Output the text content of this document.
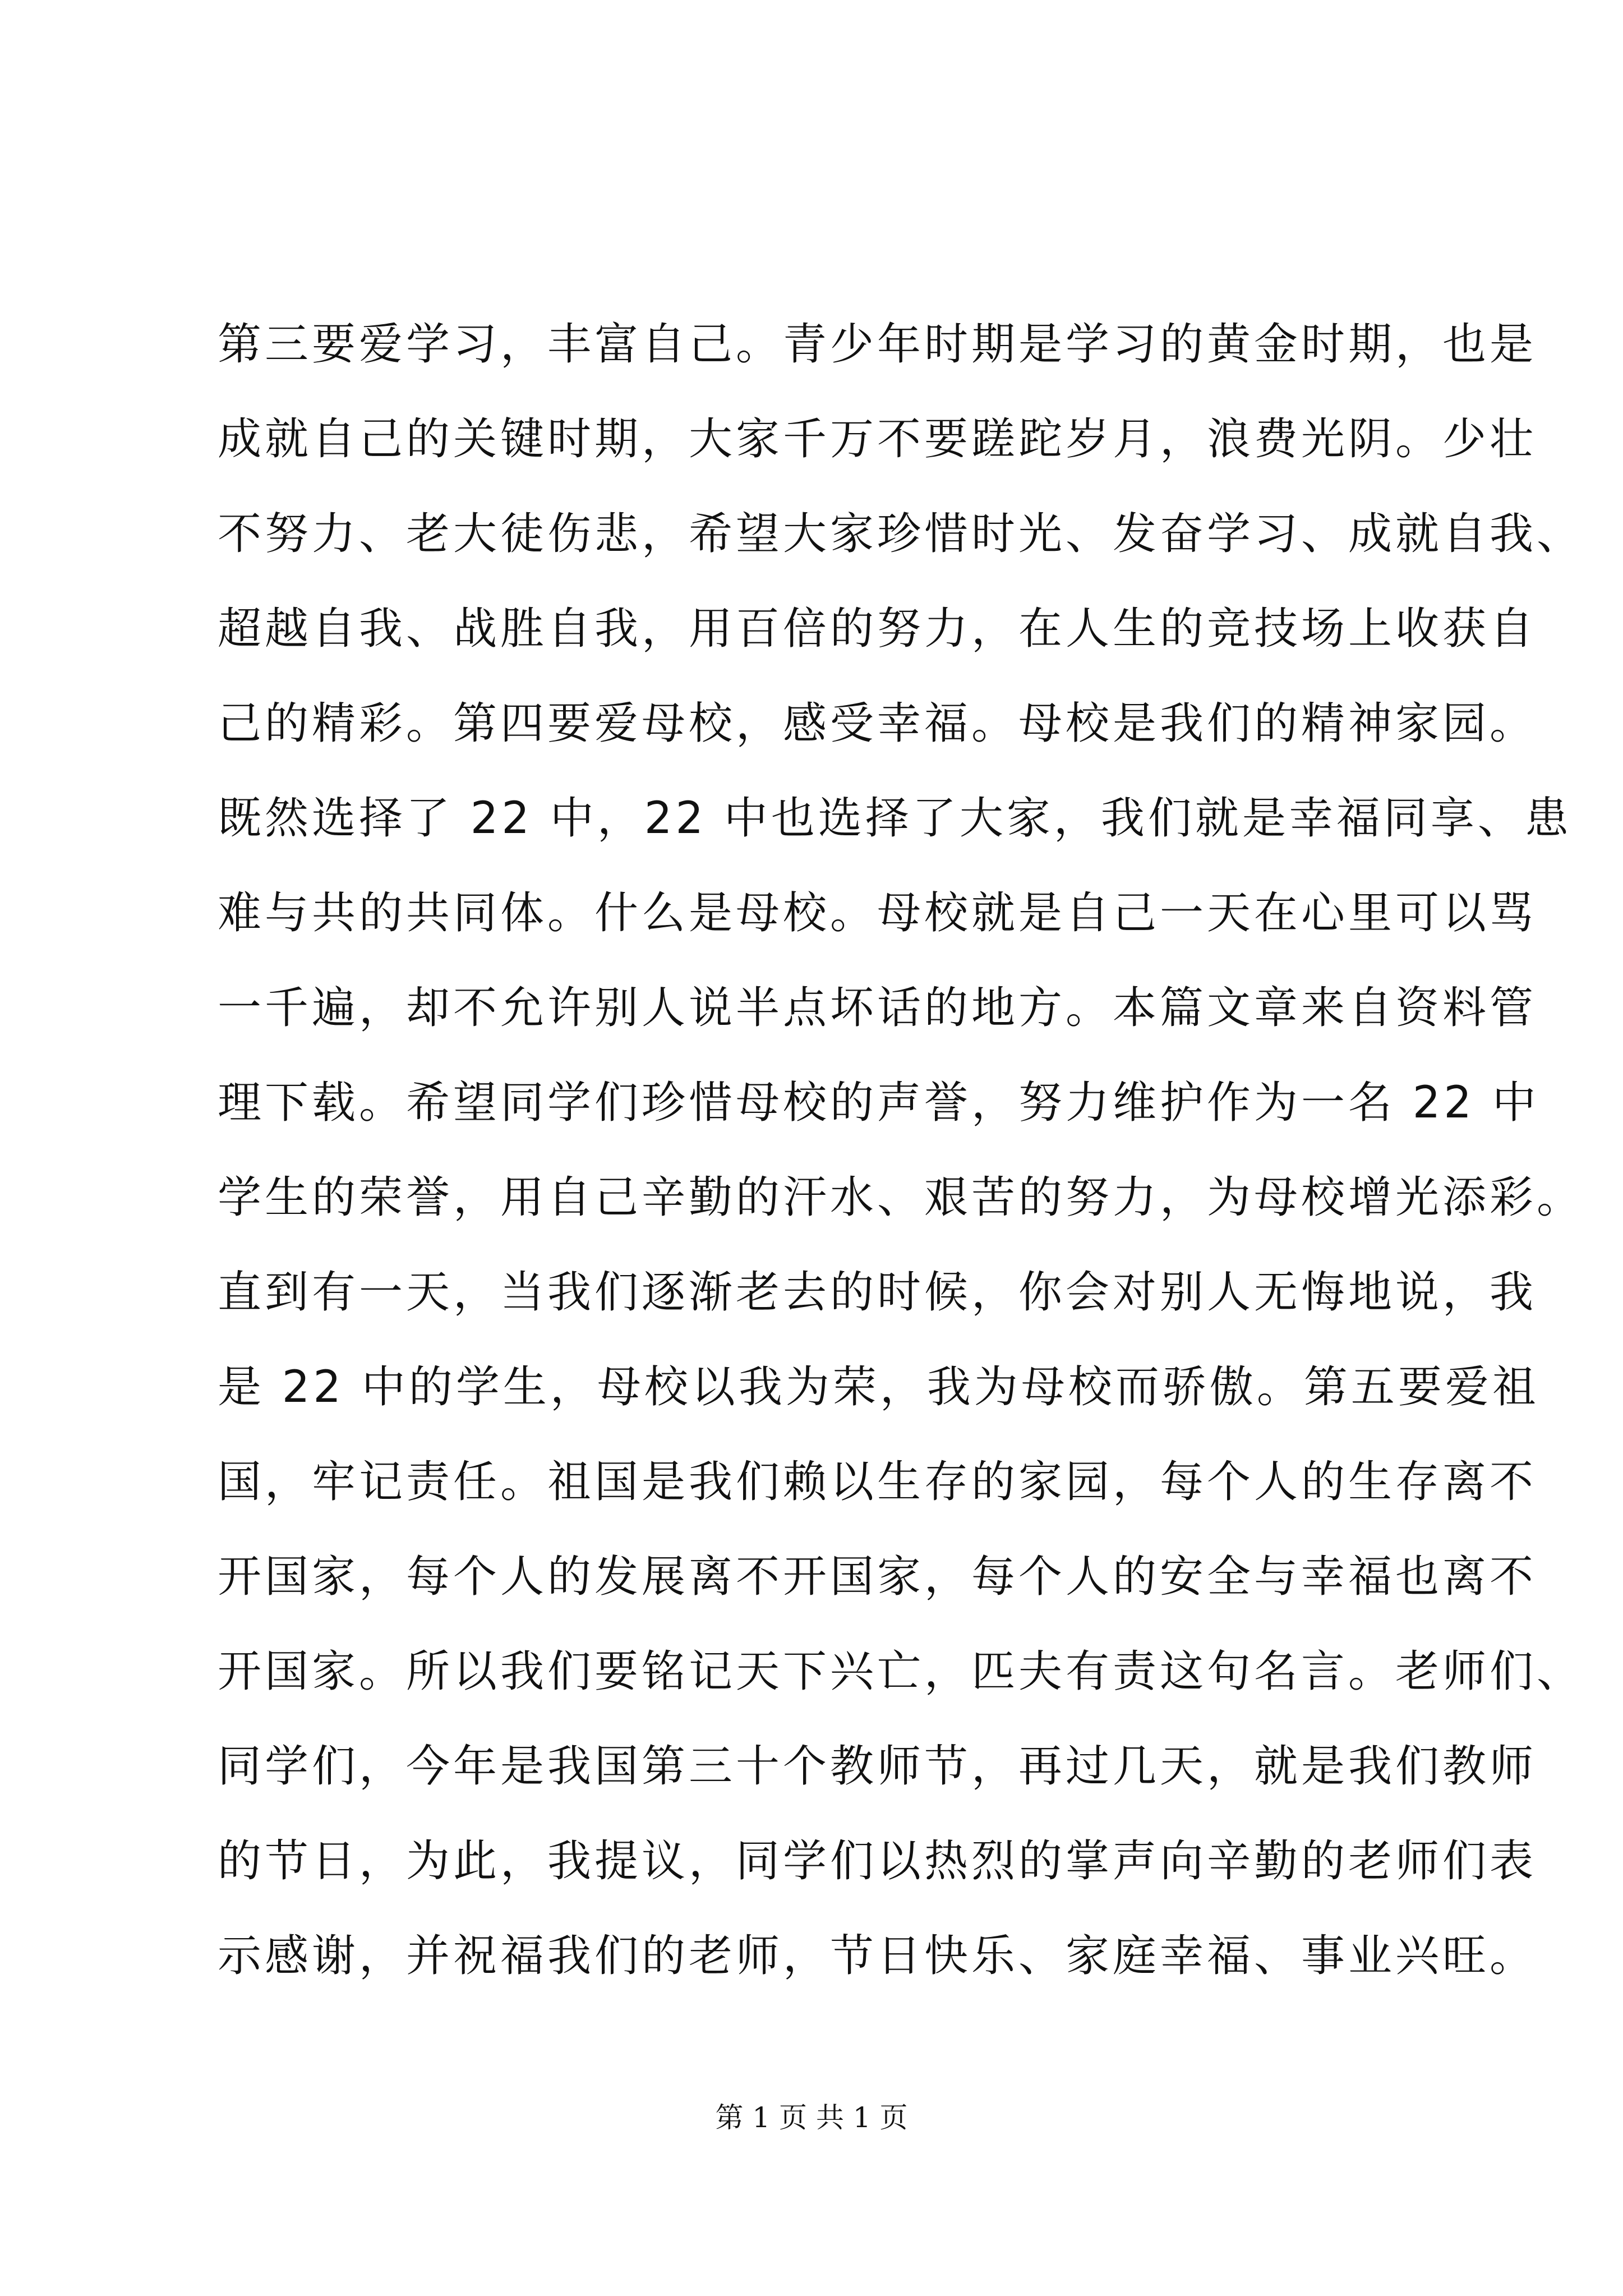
第三要爱学习，丰富自己。青少年时期是学习的黄金时期，也是
成就自己的关键时期，大家千万不要蹉跎岁月，浪费光阴。少壮
不努力、老大徒伤悲，希望大家珍惜时光、发奋学习、成就自我、
超越自我、战胜自我，用百倍的努力，在人生的竞技场上收获自
己的精彩。第四要爱母校，感受幸福。母校是我们的精神家园。
既然选择了 22 中，22 中也选择了大家，我们就是幸福同享、患
难与共的共同体。什么是母校。母校就是自己一天在心里可以骂
一千遍，却不允许别人说半点坏话的地方。本篇文章来自资料管
理下载。希望同学们珍惜母校的声誉，努力维护作为一名 22 中
学生的荣誉，用自己辛勤的汗水、艰苦的努力，为母校增光添彩。
直到有一天，当我们逐渐老去的时候，你会对别人无悔地说，我
是 22 中的学生，母校以我为荣，我为母校而骄傲。第五要爱祖
国，牢记责任。祖国是我们赖以生存的家园，每个人的生存离不
开国家，每个人的发展离不开国家，每个人的安全与幸福也离不
开国家。所以我们要铭记天下兴亡，匹夫有责这句名言。老师们、
同学们，今年是我国第三十个教师节，再过几天，就是我们教师
的节日，为此，我提议，同学们以热烈的掌声向辛勤的老师们表
示感谢，并祝福我们的老师，节日快乐、家庭幸福、事业兴旺。
第 1 页 共 1 页
